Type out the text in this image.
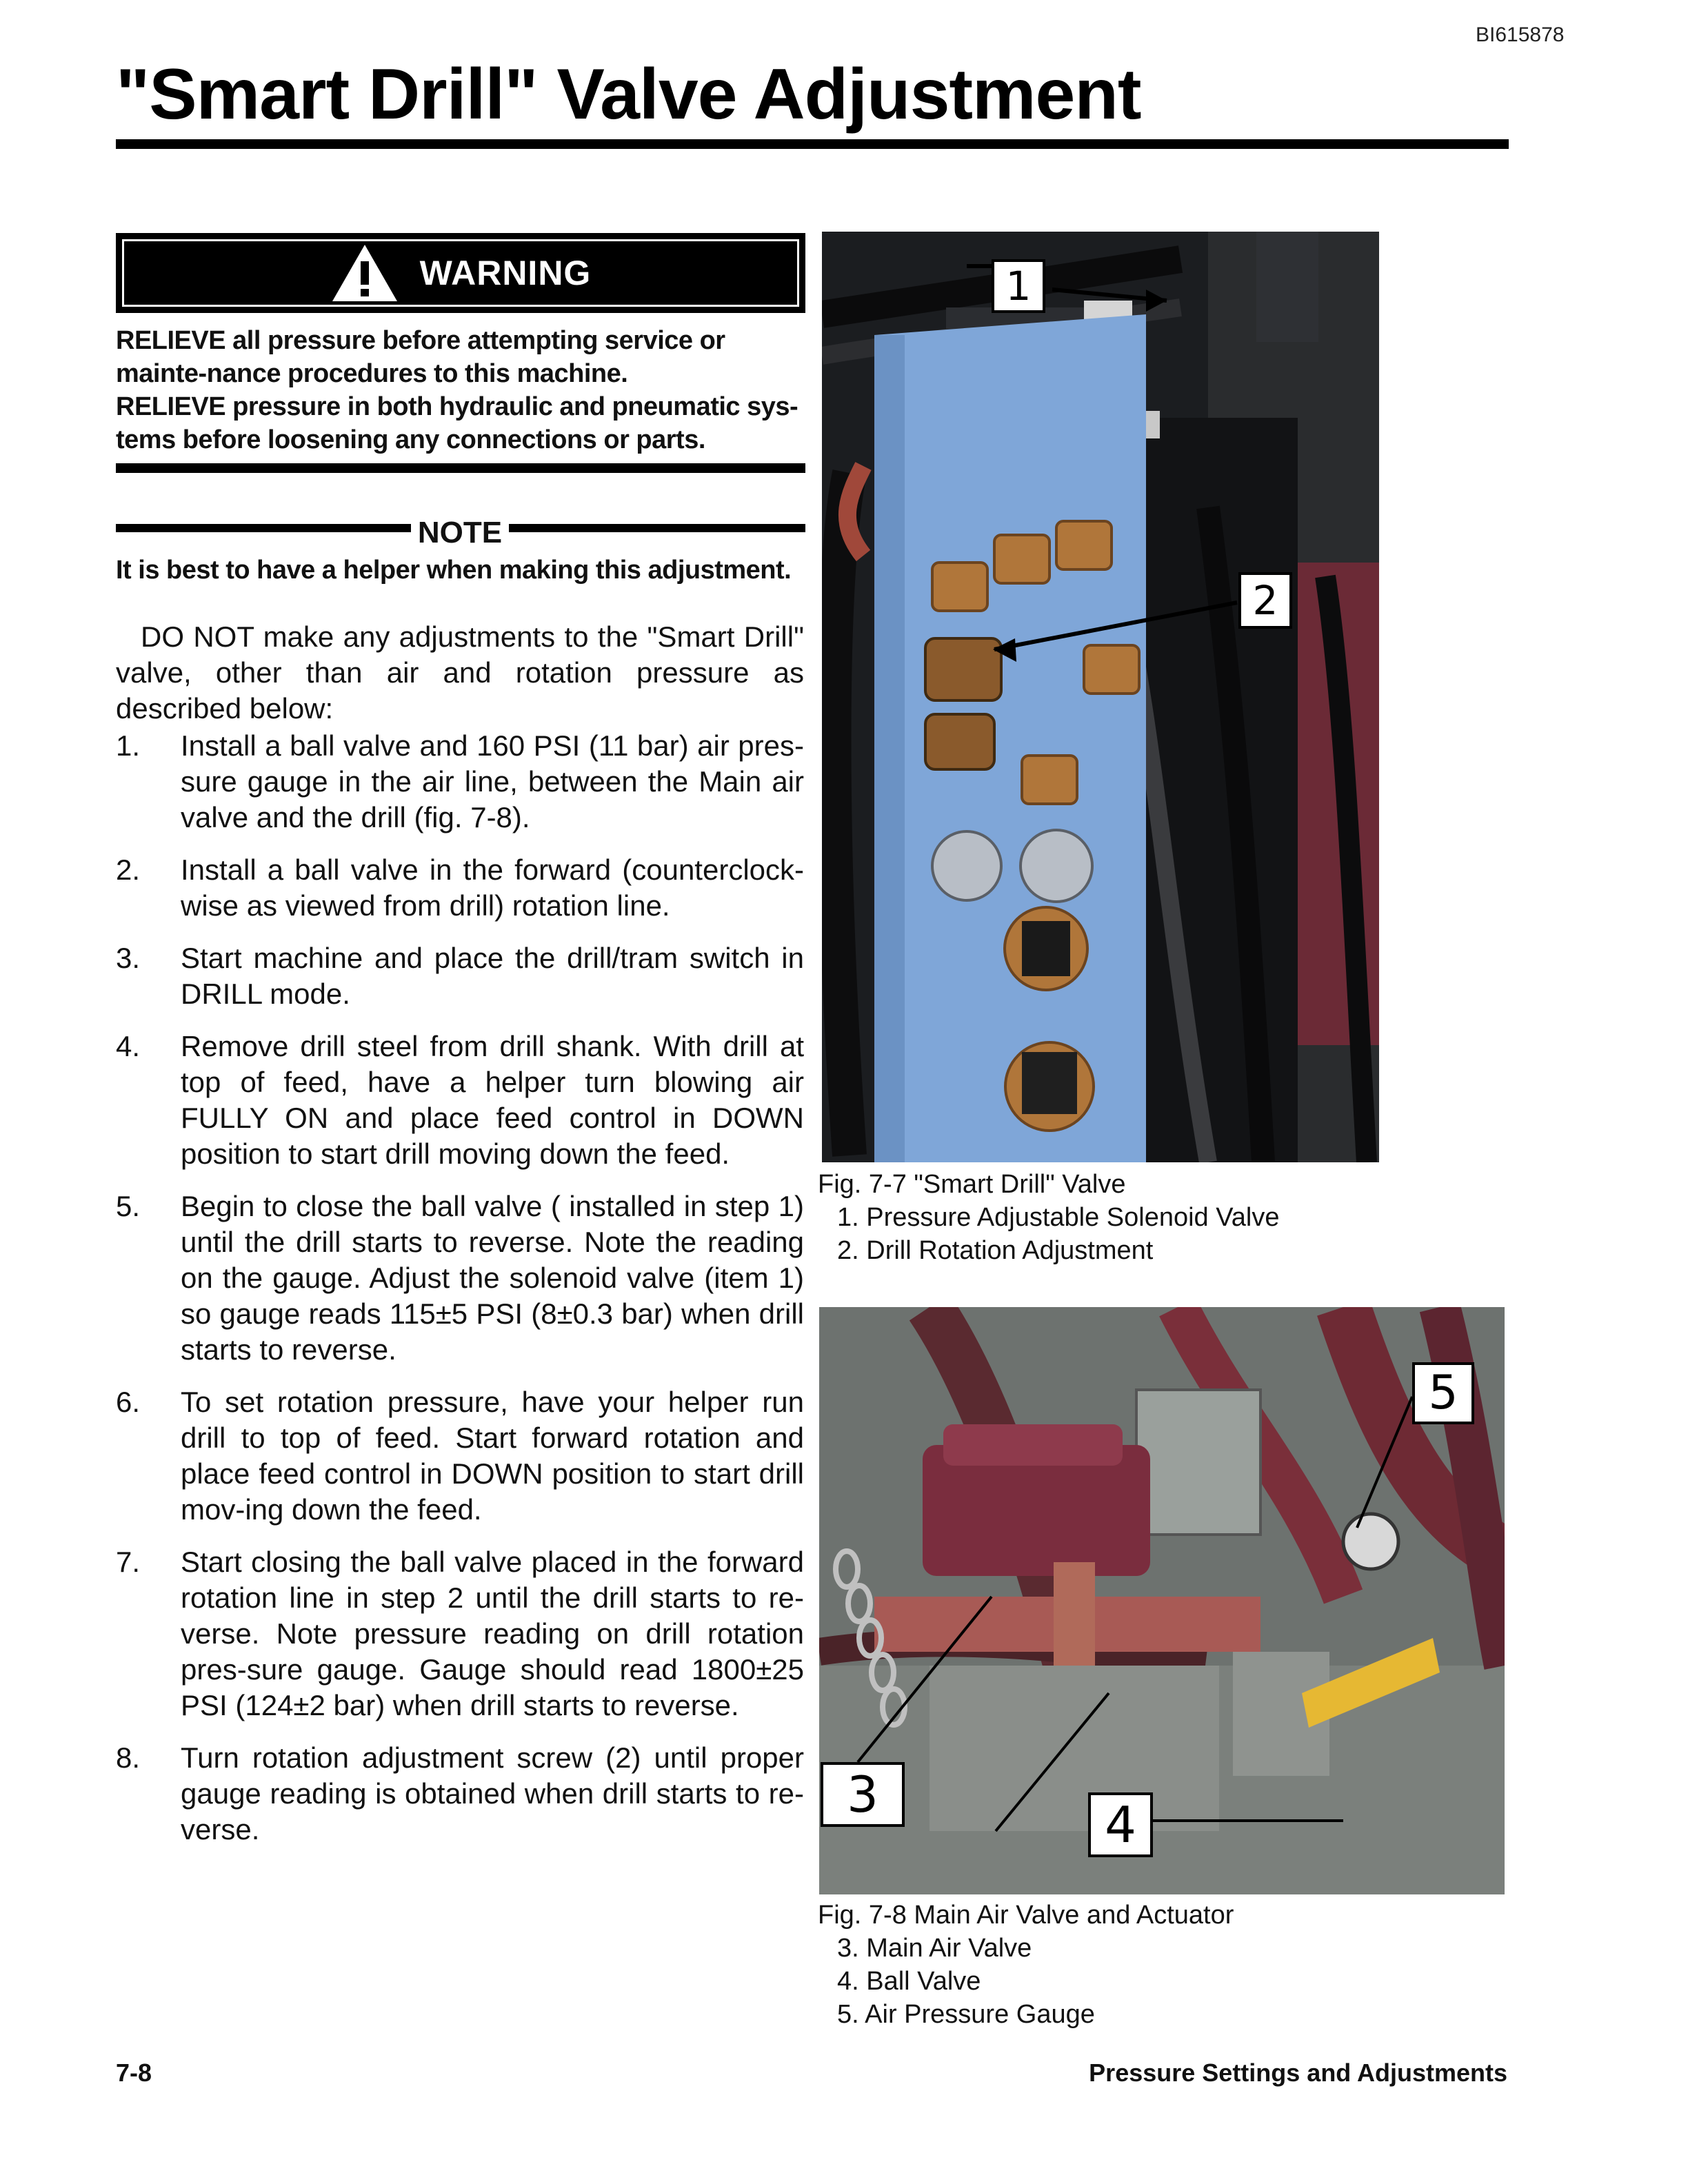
BI615878
"Smart Drill" Valve Adjustment
WARNING

RELIEVE all pressure before attempting service or mainte-nance procedures to this machine.

RELIEVE pressure in both hydraulic and pneumatic sys-tems before loosening any connections or parts.

NOTE
It is best to have a helper when making this adjustment.

DO NOT make any adjustments to the "Smart Drill" valve, other than air and rotation pressure as described below:

1.	Install a ball valve and 160 PSI (11 bar) air pres-sure gauge in the air line, between the Main air valve and the drill (fig. 7-8).
2.	Install a ball valve in the forward (counterclock-wise as viewed from drill) rotation line.
3.	Start machine and place the drill/tram switch in DRILL mode.
4.	Remove drill steel from drill shank. With drill at top of feed, have a helper turn blowing air FULLY ON and place feed control in DOWN position to start drill moving down the feed.
5.	Begin to close the ball valve ( installed in step 1) until the drill starts to reverse. Note the reading on the gauge. Adjust the solenoid valve (item 1) so gauge reads 115±5 PSI (8±0.3 bar) when drill starts to reverse.
6.	To set rotation pressure, have your helper run drill to top of feed. Start forward rotation and place feed control in DOWN position to start drill mov-ing down the feed.
7.	Start closing the ball valve placed in the forward rotation line in step 2 until the drill starts to re-verse. Note pressure reading on drill rotation pres-sure gauge. Gauge should read 1800±25 PSI (124±2 bar) when drill starts to reverse.
8.	Turn rotation adjustment screw (2) until proper gauge reading is obtained when drill starts to re-verse.
1
2

Fig. 7-7 "Smart Drill" Valve

1. Pressure Adjustable Solenoid Valve

2. Drill Rotation Adjustment

5
3
4

Fig. 7-8 Main Air Valve and Actuator

3. Main Air Valve

4. Ball Valve

5. Air Pressure Gauge

7-8	Pressure Settings and Adjustments
